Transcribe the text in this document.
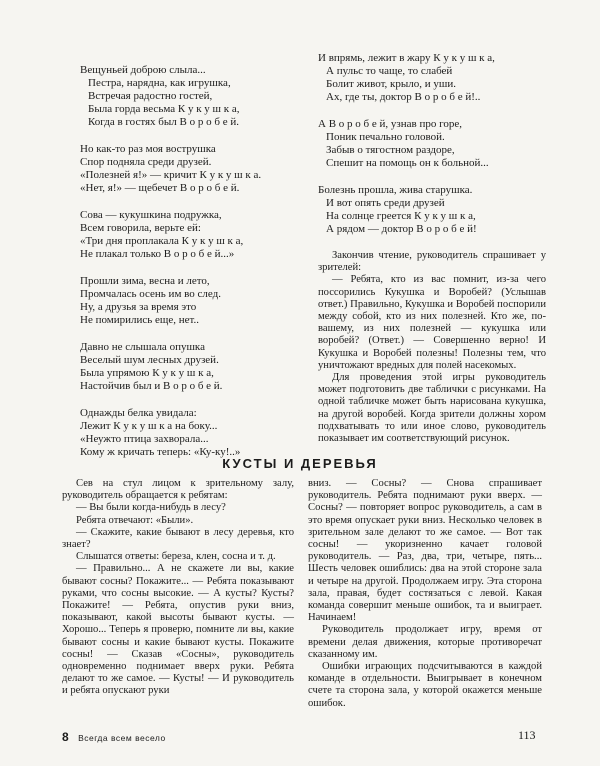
Вещуньей доброю слыла...
Пестра, нарядна, как игрушка,
Встречая радостно гостей,
Была горда весьма К у к у ш к а,
Когда в гостях был В о р о б е й.
Но как-то раз моя вострушка
Спор подняла среди друзей.
«Полезней я!» — кричит К у к у ш к а.
«Нет, я!» — щебечет В о р о б е й.
Сова — кукушкина подружка,
Всем говорила, верьте ей:
«Три дня проплакала К у к у ш к а,
Не плакал только В о р о б е й...»
Прошли зима, весна и лето,
Промчалась осень им во след.
Ну, а друзья за время это
Не помирились еще, нет..
Давно не слышала опушка
Веселый шум лесных друзей.
Была упрямою К у к у ш к а,
Настойчив был и В о р о б е й.
Однажды белка увидала:
Лежит К у к у ш к а на боку...
«Неужто птица захворала...
Кому ж кричать теперь: «Ку-ку!..»
И впрямь, лежит в жару К у к у ш к а,
А пульс то чаще, то слабей
Болит живот, крыло, и уши.
Ах, где ты, доктор В о р о б е й!..
А В о р о б е й, узнав про горе,
Поник печально головой.
Забыв о тягостном раздоре,
Спешит на помощь он к больной...
Болезнь прошла, жива старушка.
И вот опять среди друзей
На солнце греется К у к у ш к а,
А рядом — доктор В о р о б е й!

Закончив чтение, руководитель спрашивает у зрителей:

— Ребята, кто из вас помнит, из-за чего поссорились Кукушка и Воробей? (Услышав ответ.) Правильно, Кукушка и Воробей поспорили между собой, кто из них полезней. Кто же, по-вашему, из них полезней — кукушка или воробей? (Ответ.) — Совершенно верно! И Кукушка и Воробей полезны! Полезны тем, что уничтожают вредных для полей насекомых.

Для проведения этой игры руководитель может подготовить две таблички с рисунками. На одной табличке может быть нарисована кукушка, на другой воробей. Когда зрители должны хором подхватывать то или иное слово, руководитель показывает им соответствующий рисунок.

КУСТЫ И ДЕРЕВЬЯ

Сев на стул лицом к зрительному залу, руководитель обращается к ребятам:

— Вы были когда-нибудь в лесу?

Ребята отвечают: «Были».

— Скажите, какие бывают в лесу деревья, кто знает?

Слышатся ответы: береза, клен, сосна и т. д.

— Правильно... А не скажете ли вы, какие бывают сосны? Покажите... — Ребята показывают руками, что сосны высокие. — А кусты? Кусты? Покажите! — Ребята, опустив руки вниз, показывают, какой высоты бывают кусты. — Хорошо... Теперь я проверю, помните ли вы, какие бывают сосны и какие бывают кусты. Покажите сосны! — Сказав «Сосны», руководитель одновременно поднимает вверх руки. Ребята делают то же самое. — Кусты! — И руководитель и ребята опускают руки

вниз. — Сосны? — Снова спрашивает руководитель. Ребята поднимают руки вверх. — Сосны? — повторяет вопрос руководитель, а сам в это время опускает руки вниз. Несколько человек в зрительном зале делают то же самое. — Вот так сосны! — укоризненно качает головой руководитель. — Раз, два, три, четыре, пять... Шесть человек ошиблись: два на этой стороне зала и четыре на другой. Продолжаем игру. Эта сторона зала, правая, будет состязаться с левой. Какая команда совершит меньше ошибок, та и выиграет. Начинаем!

Руководитель продолжает игру, время от времени делая движения, которые противоречат сказанному им.

Ошибки играющих подсчитываются в каждой команде в отдельности. Выигрывает в конечном счете та сторона зала, у которой окажется меньше ошибок.

8 Всегда всем весело	113
